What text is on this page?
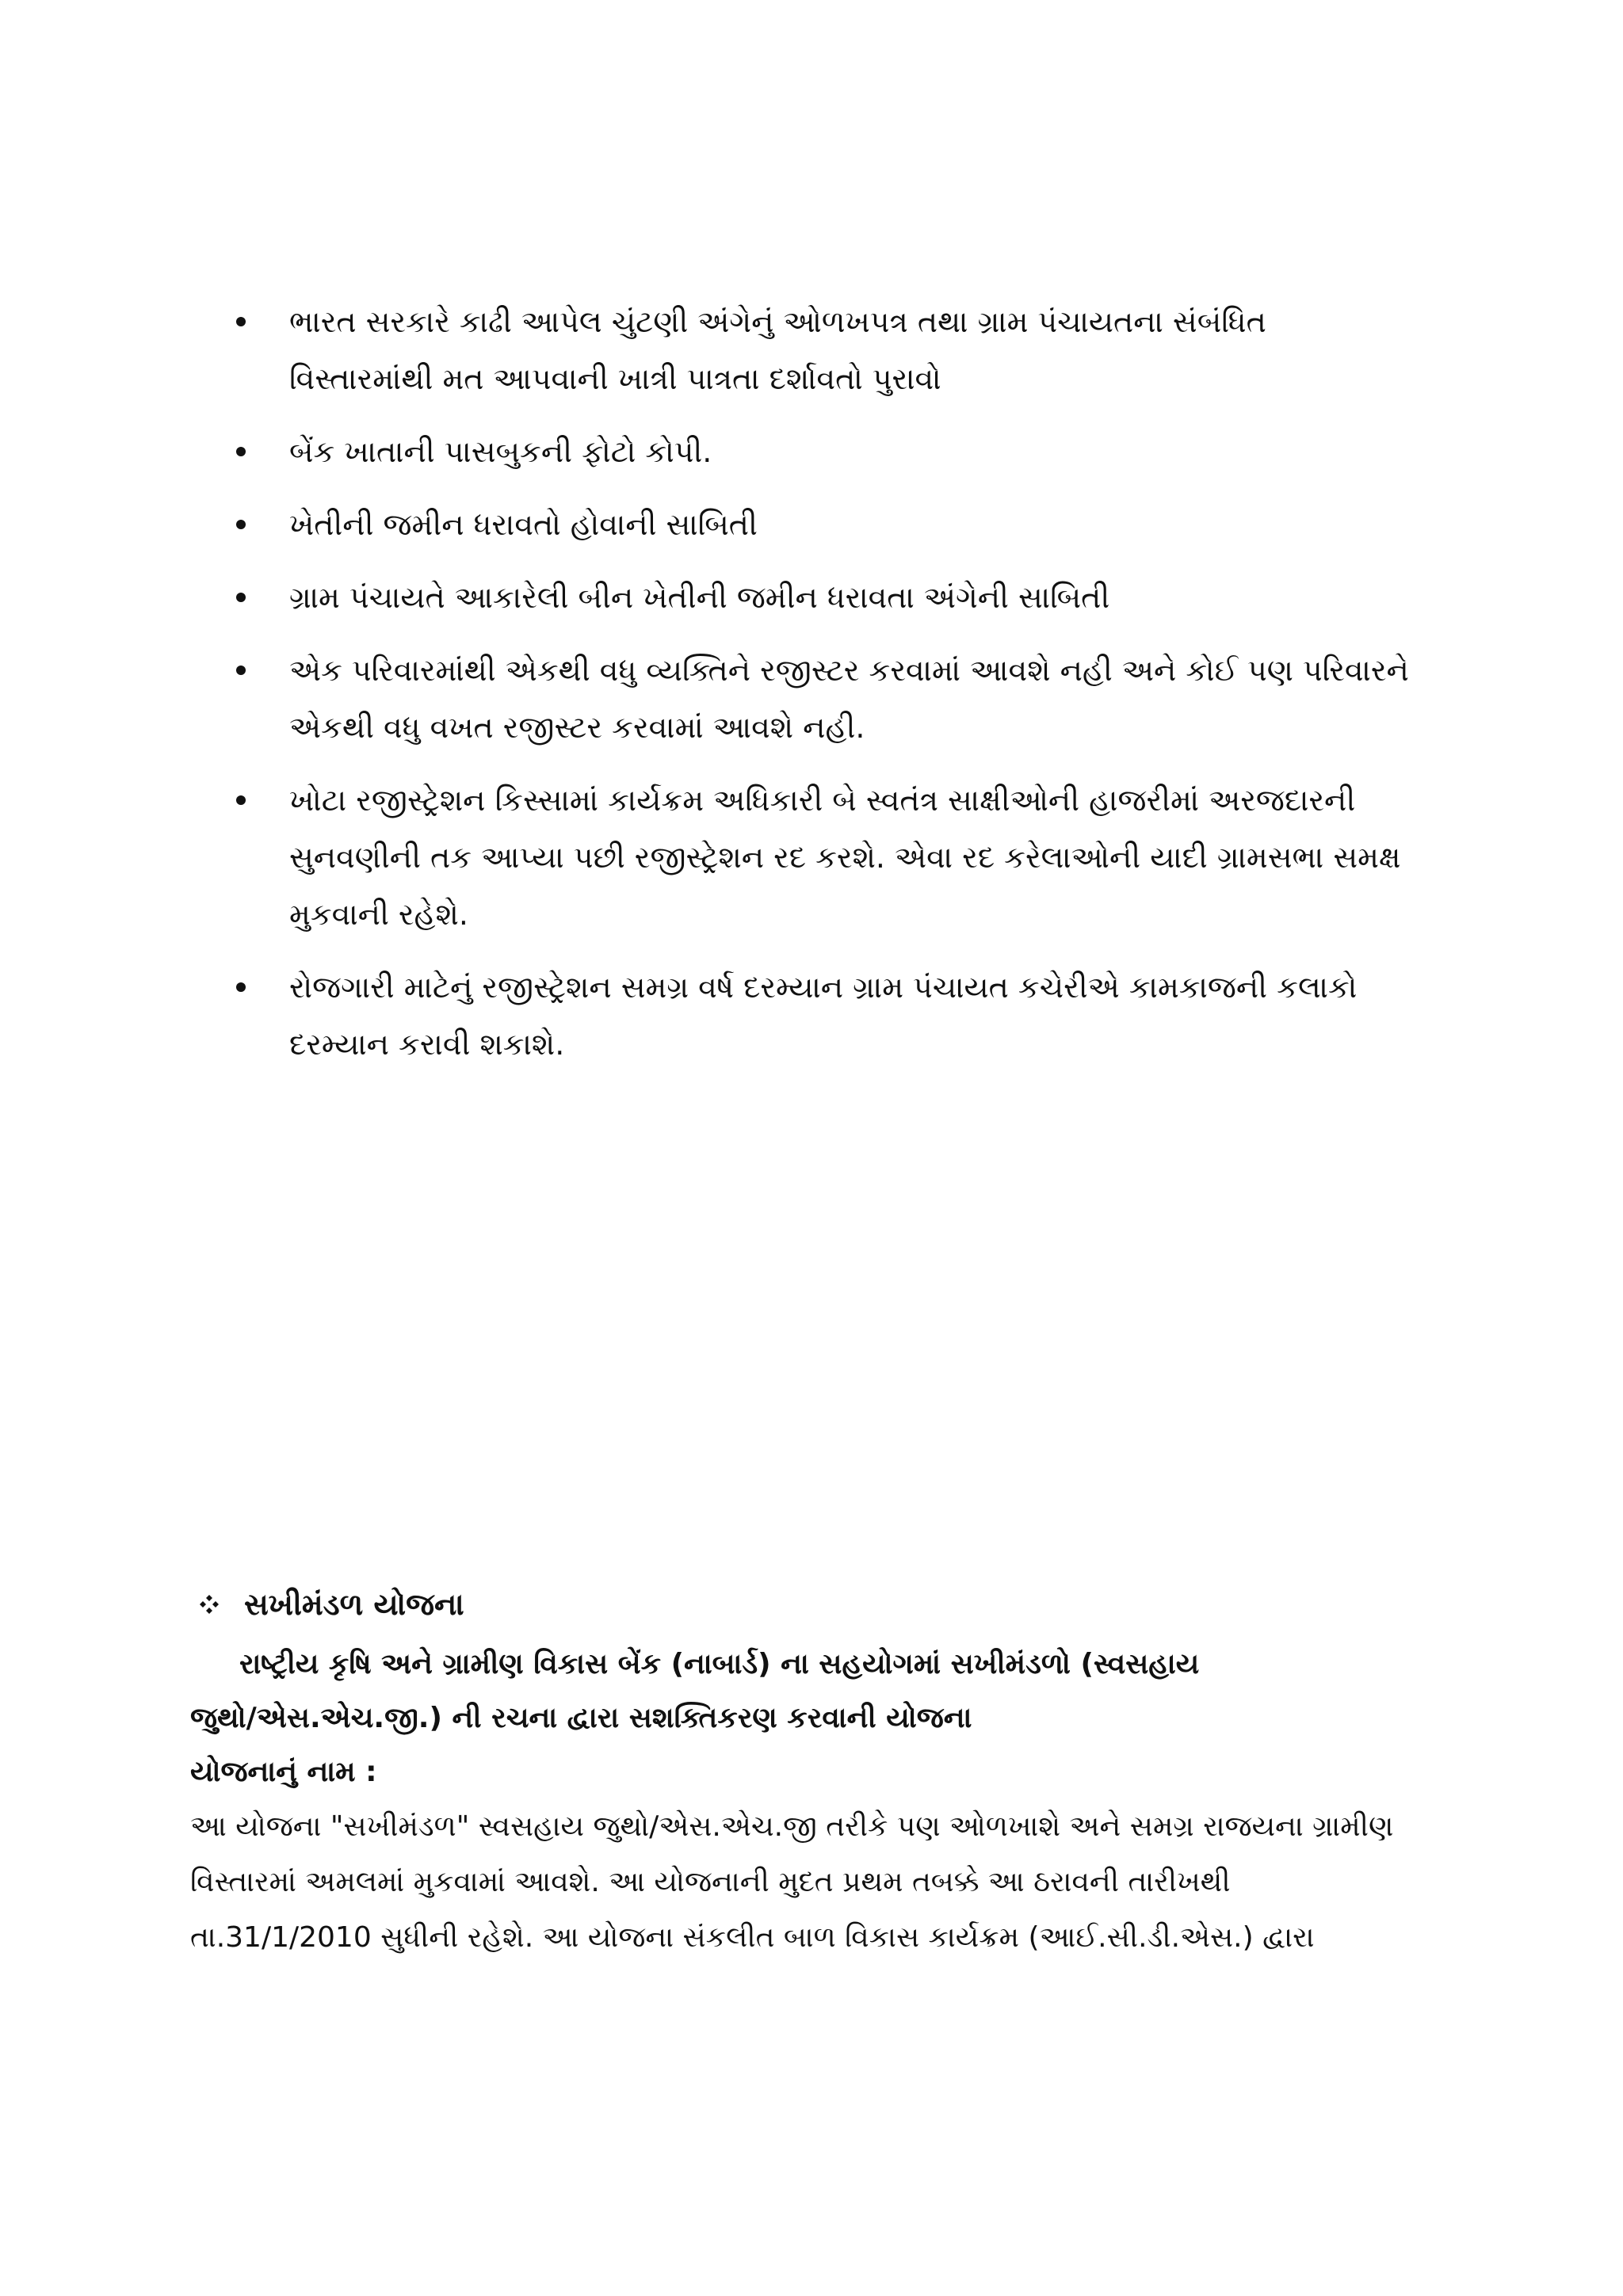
ભારત સરકારે કાઢી આપેલ ચુંટણી અંગેનું ઓળખપત્ર તથા ગ્રામ પંચાયતના સંબંધિત
વિસ્તારમાંથી મત આપવાની ખાત્રી પાત્રતા દર્શાવતો પુરાવો
બેંક ખાતાની પાસબુકની ફોટો કોપી.
ખેતીની જમીન ધરાવતો હોવાની સાબિતી
ગ્રામ પંચાયતે આકારેલી બીન ખેતીની જમીન ધરાવતા અંગેની સાબિતી
એક પરિવારમાંથી એકથી વધુ વ્યક્તિને રજીસ્ટર કરવામાં આવશે નહી અને કોઈ પણ પરિવારને
એકથી વધુ વખત રજીસ્ટર કરવામાં આવશે નહી.
ખોટા રજીસ્ટ્રેશન કિસ્સામાં કાર્યક્રમ અધિકારી બે સ્વતંત્ર સાક્ષીઓની હાજરીમાં અરજદારની
સુનવણીની તક આપ્યા પછી રજીસ્ટ્રેશન રદ કરશે. એવા રદ કરેલાઓની યાદી ગ્રામસભા સમક્ષ
મુકવાની રહેશે.
રોજગારી માટેનું રજીસ્ટ્રેશન સમગ્ર વર્ષ દરમ્યાન ગ્રામ પંચાયત કચેરીએ કામકાજની કલાકો
દરમ્યાન કરાવી શકાશે.
સખીમંડળ યોજના
રાષ્ટ્રીય કૃષિ અને ગ્રામીણ વિકાસ બેંક (નાબાર્ડ) ના સહયોગમાં સખીમંડળો (સ્વસહાય
જુથો/એસ.એચ.જી.) ની રચના દ્વારા સશક્તિકરણ કરવાની યોજના
યોજનાનું નામ :
આ યોજના "સખીમંડળ" સ્વસહાય જુથો/એસ.એચ.જી તરીકે પણ ઓળખાશે અને સમગ્ર રાજયના ગ્રામીણ
વિસ્તારમાં અમલમાં મુકવામાં આવશે. આ યોજનાની મુદત પ્રથમ તબક્કે આ ઠરાવની તારીખથી
તા.31/1/2010 સુધીની રહેશે. આ યોજના સંકલીત બાળ વિકાસ કાર્યક્રમ (આઈ.સી.ડી.એસ.) દ્વારા
